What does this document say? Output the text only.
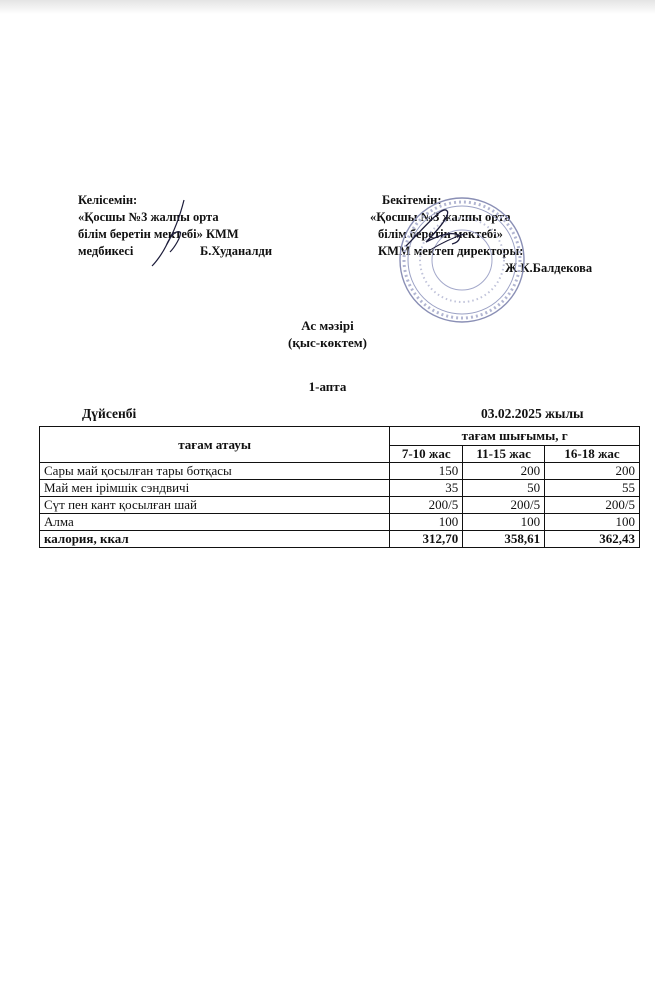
Келісемін:
«Қосшы №3 жалпы орта
білім беретін мектебі» КММ
медбикесі	Б.Худаналди
Бекітемін:
«Қосшы №3 жалпы орта
білім беретін мектебі»
КММ мектеп директоры:
Ж.К.Балдекова
Ас мәзірі
(қыс-көктем)
1-апта
Дүйсенбі	03.02.2025 жылы
тағам атауы	тағам шығымы, г		
	7-10 жас	11-15 жас	16-18 жас
Сары май қосылған тары ботқасы	150	200	200
Май мен ірімшік сэндвичі	35	50	55
Сүт пен кант қосылған шай	200/5	200/5	200/5
Алма	100	100	100
калория, ккал	312,70	358,61	362,43
